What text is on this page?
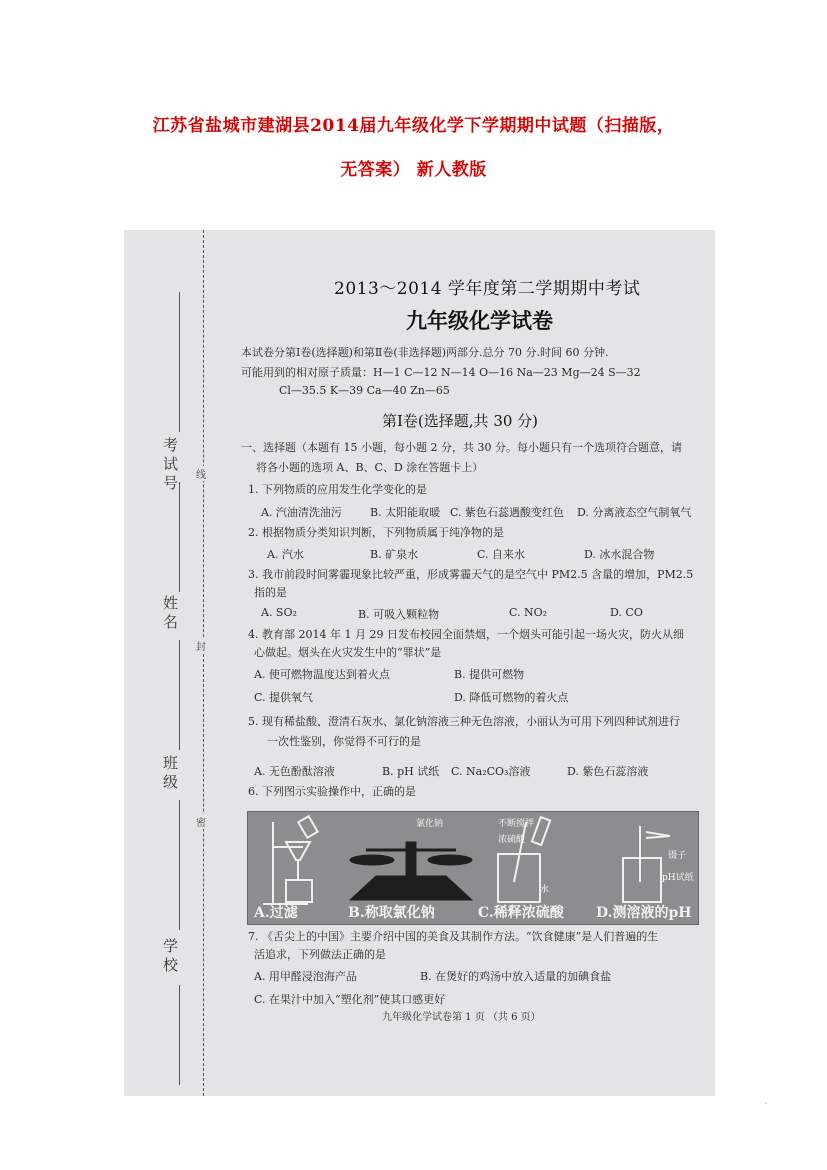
江苏省盐城市建湖县2014届九年级化学下学期期中试题（扫描版，
无答案） 新人教版
考试号
姓名
班级
学校
线
封
密
2013～2014 学年度第二学期期中考试
九年级化学试卷
本试卷分第Ⅰ卷(选择题)和第Ⅱ卷(非选择题)两部分.总分 70 分.时间 60 分钟.
可能用到的相对原子质量：H—1 C—12 N—14 O—16 Na—23 Mg—24 S—32
Cl—35.5 K—39 Ca—40 Zn—65
第Ⅰ卷(选择题,共 30 分)
一、选择题（本题有 15 小题，每小题 2 分，共 30 分。每小题只有一个选项符合题意，请
将各小题的选项 A、B、C、D 涂在答题卡上）
1. 下列物质的应用发生化学变化的是
A. 汽油清洗油污	B. 太阳能取暖 C. 紫色石蕊遇酸变红色 D. 分离液态空气制氧气
2. 根据物质分类知识判断，下列物质属于纯净物的是
A. 汽水	B. 矿泉水	C. 自来水	D. 冰水混合物
3. 我市前段时间雾霾现象比较严重，形成雾霾天气的是空气中 PM2.5 含量的增加，PM2.5
指的是
A. SO₂	B. 可吸入颗粒物	C. NO₂	D. CO
4. 教育部 2014 年 1 月 29 日发布校园全面禁烟，一个烟头可能引起一场火灾，防火从细
心做起。烟头在火灾发生中的“罪状”是
A. 使可燃物温度达到着火点	B. 提供可燃物
C. 提供氧气	D. 降低可燃物的着火点
5. 现有稀盐酸、澄清石灰水、氯化钠溶液三种无色溶液，小丽认为可用下列四种试剂进行
一次性鉴别，你觉得不可行的是
A. 无色酚酞溶液	B. pH 试纸 C. Na₂CO₃溶液	D. 紫色石蕊溶液
6. 下列图示实验操作中，正确的是
氯化钠	不断搅拌
浓硫酸
水
镊子
pH试纸
A.过滤	B.称取氯化钠	C.稀释浓硫酸 D.测溶液的pH
7. 《舌尖上的中国》主要介绍中国的美食及其制作方法。“饮食健康”是人们普遍的生
活追求，下列做法正确的是
A. 用甲醛浸泡海产品	B. 在煲好的鸡汤中放入适量的加碘食盐
C. 在果汁中加入“塑化剂”使其口感更好
九年级化学试卷第 1 页 （共 6 页）
·
